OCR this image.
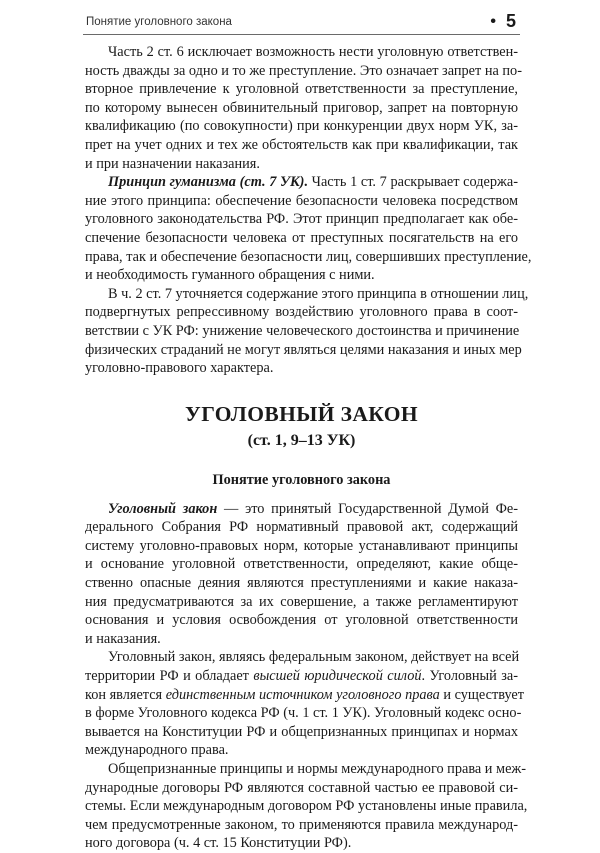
Понятие уголовного закона	• 5
Часть 2 ст. 6 исключает возможность нести уголовную ответствен-
ность дважды за одно и то же преступление. Это означает запрет на по-
вторное привлечение к уголовной ответственности за преступление,
по которому вынесен обвинительный приговор, запрет на повторную
квалификацию (по совокупности) при конкуренции двух норм УК, за-
прет на учет одних и тех же обстоятельств как при квалификации, так
и при назначении наказания.
Принцип гуманизма (ст. 7 УК). Часть 1 ст. 7 раскрывает содержа-
ние этого принципа: обеспечение безопасности человека посредством
уголовного законодательства РФ. Этот принцип предполагает как обе-
спечение безопасности человека от преступных посягательств на его
права, так и обеспечение безопасности лиц, совершивших преступление,
и необходимость гуманного обращения с ними.
В ч. 2 ст. 7 уточняется содержание этого принципа в отношении лиц,
подвергнутых репрессивному воздействию уголовного права в соот-
ветствии с УК РФ: унижение человеческого достоинства и причинение
физических страданий не могут являться целями наказания и иных мер
уголовно-правового характера.
УГОЛОВНЫЙ ЗАКОН
(ст. 1, 9–13 УК)
Понятие уголовного закона
Уголовный закон — это принятый Государственной Думой Фе-
дерального Собрания РФ нормативный правовой акт, содержащий
систему уголовно-правовых норм, которые устанавливают принципы
и основание уголовной ответственности, определяют, какие обще-
ственно опасные деяния являются преступлениями и какие наказа-
ния предусматриваются за их совершение, а также регламентируют
основания и условия освобождения от уголовной ответственности
и наказания.
Уголовный закон, являясь федеральным законом, действует на всей
территории РФ и обладает высшей юридической силой. Уголовный за-
кон является единственным источником уголовного права и существует
в форме Уголовного кодекса РФ (ч. 1 ст. 1 УК). Уголовный кодекс осно-
вывается на Конституции РФ и общепризнанных принципах и нормах
международного права.
Общепризнанные принципы и нормы международного права и меж-
дународные договоры РФ являются составной частью ее правовой си-
стемы. Если международным договором РФ установлены иные правила,
чем предусмотренные законом, то применяются правила международ-
ного договора (ч. 4 ст. 15 Конституции РФ).
